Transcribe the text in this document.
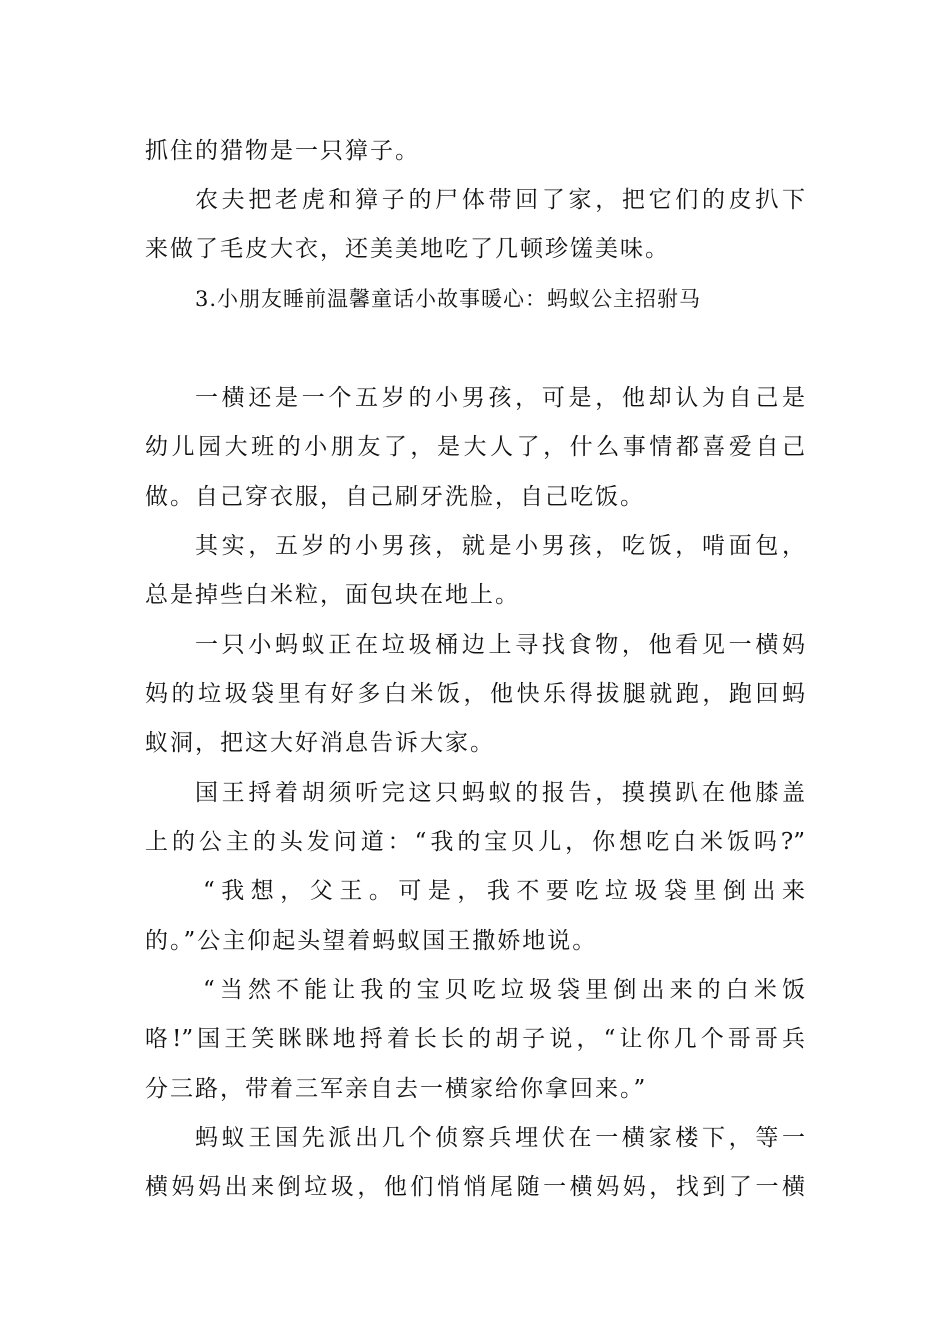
抓住的猎物是一只獐子。
农夫把老虎和獐子的尸体带回了家，把它们的皮扒下
来做了毛皮大衣，还美美地吃了几顿珍馐美味。
3.小朋友睡前温馨童话小故事暖心：蚂蚁公主招驸马
一横还是一个五岁的小男孩，可是，他却认为自己是
幼儿园大班的小朋友了，是大人了，什么事情都喜爱自己
做。自己穿衣服，自己刷牙洗脸，自己吃饭。
其实，五岁的小男孩，就是小男孩，吃饭，啃面包，
总是掉些白米粒，面包块在地上。
一只小蚂蚁正在垃圾桶边上寻找食物，他看见一横妈
妈的垃圾袋里有好多白米饭，他快乐得拔腿就跑，跑回蚂
蚁洞，把这大好消息告诉大家。
国王捋着胡须听完这只蚂蚁的报告，摸摸趴在他膝盖
上的公主的头发问道：“我的宝贝儿，你想吃白米饭吗?”
“我想，父王。可是，我不要吃垃圾袋里倒出来
的。”公主仰起头望着蚂蚁国王撒娇地说。
“当然不能让我的宝贝吃垃圾袋里倒出来的白米饭
咯!”国王笑眯眯地捋着长长的胡子说，“让你几个哥哥兵
分三路，带着三军亲自去一横家给你拿回来。”
蚂蚁王国先派出几个侦察兵埋伏在一横家楼下，等一
横妈妈出来倒垃圾，他们悄悄尾随一横妈妈，找到了一横
